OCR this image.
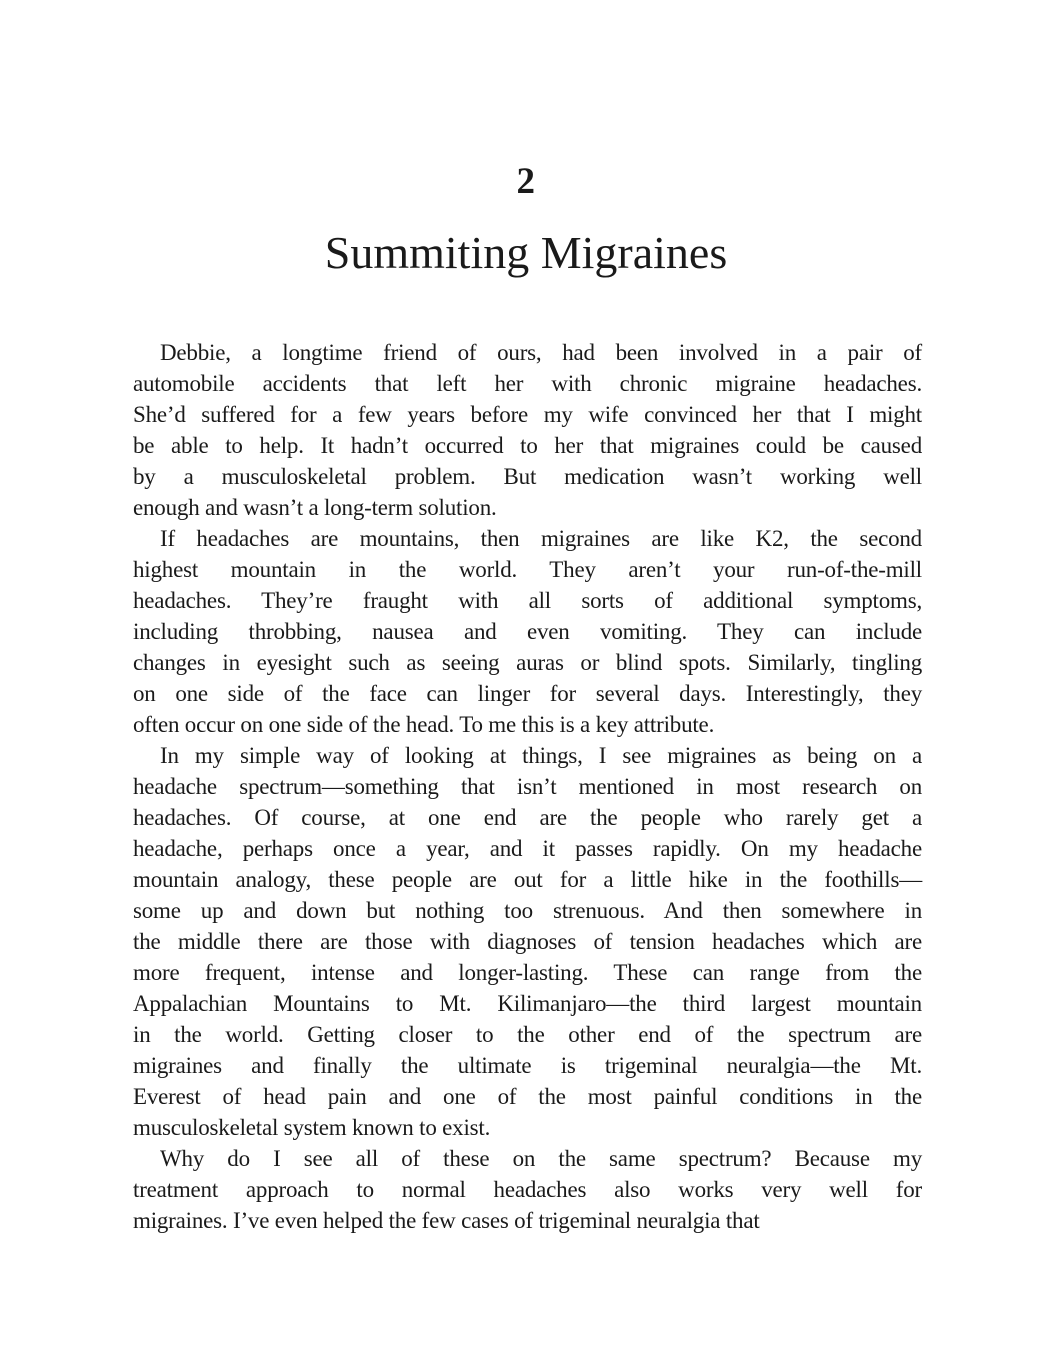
2
Summiting Migraines
Debbie, a longtime friend of ours, had been involved in a pair of
automobile accidents that left her with chronic migraine headaches.
She’d suffered for a few years before my wife convinced her that I might
be able to help. It hadn’t occurred to her that migraines could be caused
by a musculoskeletal problem. But medication wasn’t working well
enough and wasn’t a long-term solution.
If headaches are mountains, then migraines are like K2, the second
highest mountain in the world. They aren’t your run-of-the-mill
headaches. They’re fraught with all sorts of additional symptoms,
including throbbing, nausea and even vomiting. They can include
changes in eyesight such as seeing auras or blind spots. Similarly, tingling
on one side of the face can linger for several days. Interestingly, they
often occur on one side of the head. To me this is a key attribute.
In my simple way of looking at things, I see migraines as being on a
headache spectrum—something that isn’t mentioned in most research on
headaches. Of course, at one end are the people who rarely get a
headache, perhaps once a year, and it passes rapidly. On my headache
mountain analogy, these people are out for a little hike in the foothills—
some up and down but nothing too strenuous. And then somewhere in
the middle there are those with diagnoses of tension headaches which are
more frequent, intense and longer-lasting. These can range from the
Appalachian Mountains to Mt. Kilimanjaro—the third largest mountain
in the world. Getting closer to the other end of the spectrum are
migraines and finally the ultimate is trigeminal neuralgia—the Mt.
Everest of head pain and one of the most painful conditions in the
musculoskeletal system known to exist.
Why do I see all of these on the same spectrum? Because my
treatment approach to normal headaches also works very well for
migraines. I’ve even helped the few cases of trigeminal neuralgia that
